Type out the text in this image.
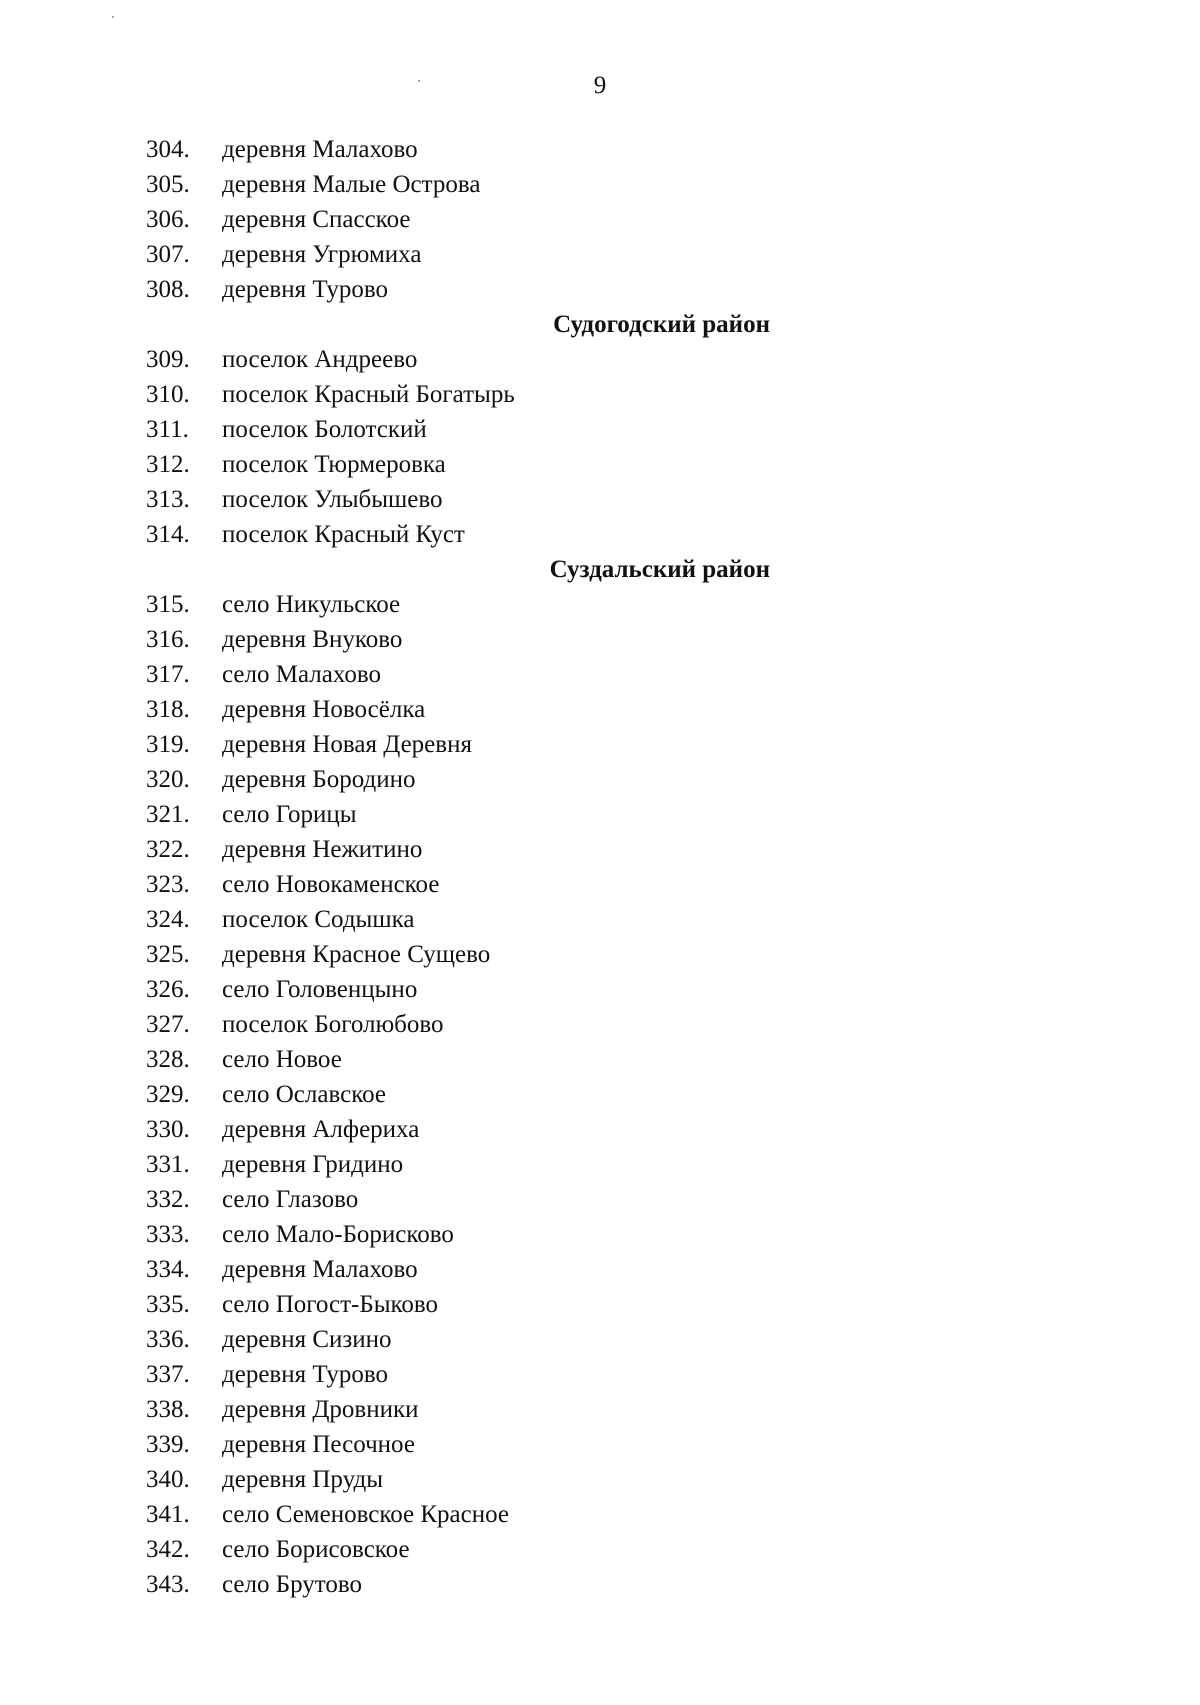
9
304.	деревня Малахово
305.	деревня Малые Острова
306.	деревня Спасское
307.	деревня Угрюмиха
308.	деревня Турово
Судогодский район
309.	поселок Андреево
310.	поселок Красный Богатырь
311.	поселок Болотский
312.	поселок Тюрмеровка
313.	поселок Улыбышево
314.	поселок Красный Куст
Суздальский район
315.	село Никульское
316.	деревня Внуково
317.	село Малахово
318.	деревня Новосёлка
319.	деревня Новая Деревня
320.	деревня Бородино
321.	село Горицы
322.	деревня Нежитино
323.	село Новокаменское
324.	поселок Содышка
325.	деревня Красное Сущево
326.	село Головенцыно
327.	поселок Боголюбово
328.	село Новое
329.	село Ославское
330.	деревня Алфериха
331.	деревня Гридино
332.	село Глазово
333.	село Мало-Борисково
334.	деревня Малахово
335.	село Погост-Быково
336.	деревня Сизино
337.	деревня Турово
338.	деревня Дровники
339.	деревня Песочное
340.	деревня Пруды
341.	село Семеновское Красное
342.	село Борисовское
343.	село Брутово
